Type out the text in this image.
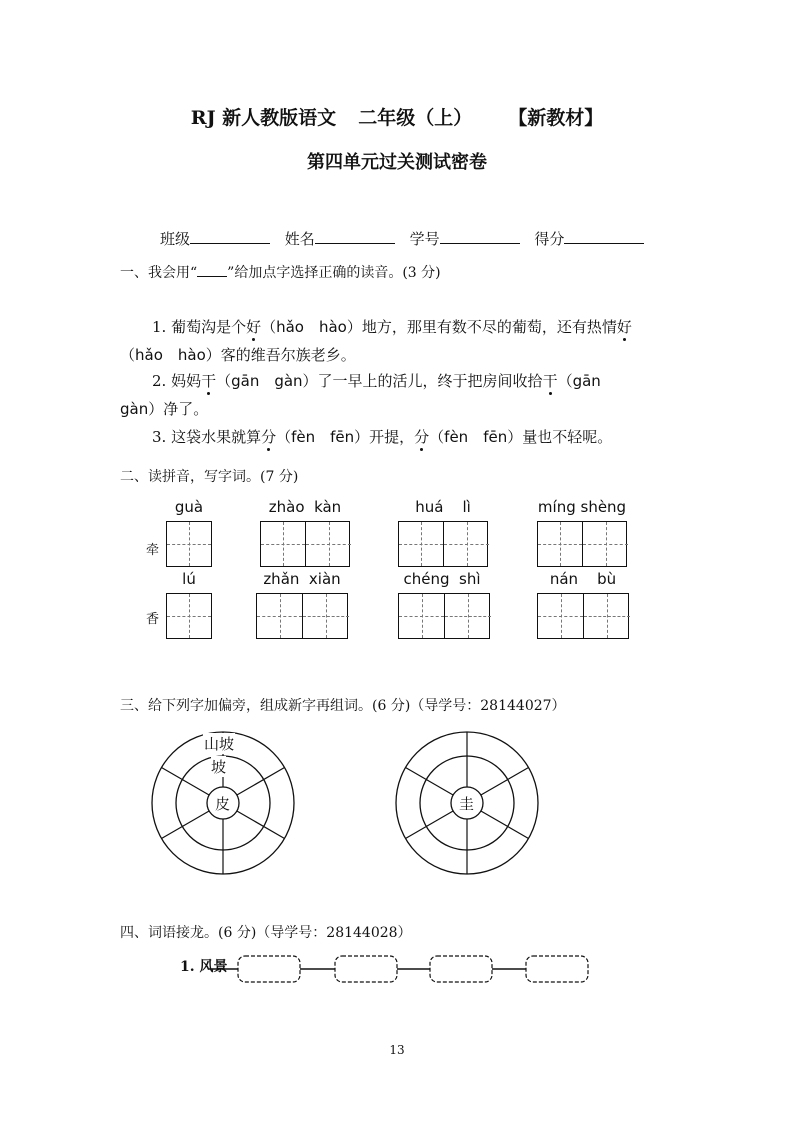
RJ 新人教版语文 二年级（上） 【新教材】
第四单元过关测试密卷
班级	姓名	学号	得分
一、我会用“ ”给加点字选择正确的读音。(3 分)
1. 葡萄沟是个好（hǎo　hào）地方，那里有数不尽的葡萄，还有热情好
（hǎo　hào）客的维吾尔族老乡。
2. 妈妈干（gān　gàn）了一早上的活儿，终于把房间收拾干（gān
gàn）净了。
3. 这袋水果就算分（fèn　fēn）开提，分（fèn　fēn）量也不轻呢。
二、读拼音，写字词。(7 分)
牵
guà	zhào  kàn	huá    lì	míng shèng
香
lú	zhǎn  xiàn	chéng  shì	nán    bù
三、给下列字加偏旁，组成新字再组词。(6 分)（导学号：28144027）
山坡
坡
皮	圭
四、词语接龙。(6 分)（导学号：28144028）
1. 风景
13
